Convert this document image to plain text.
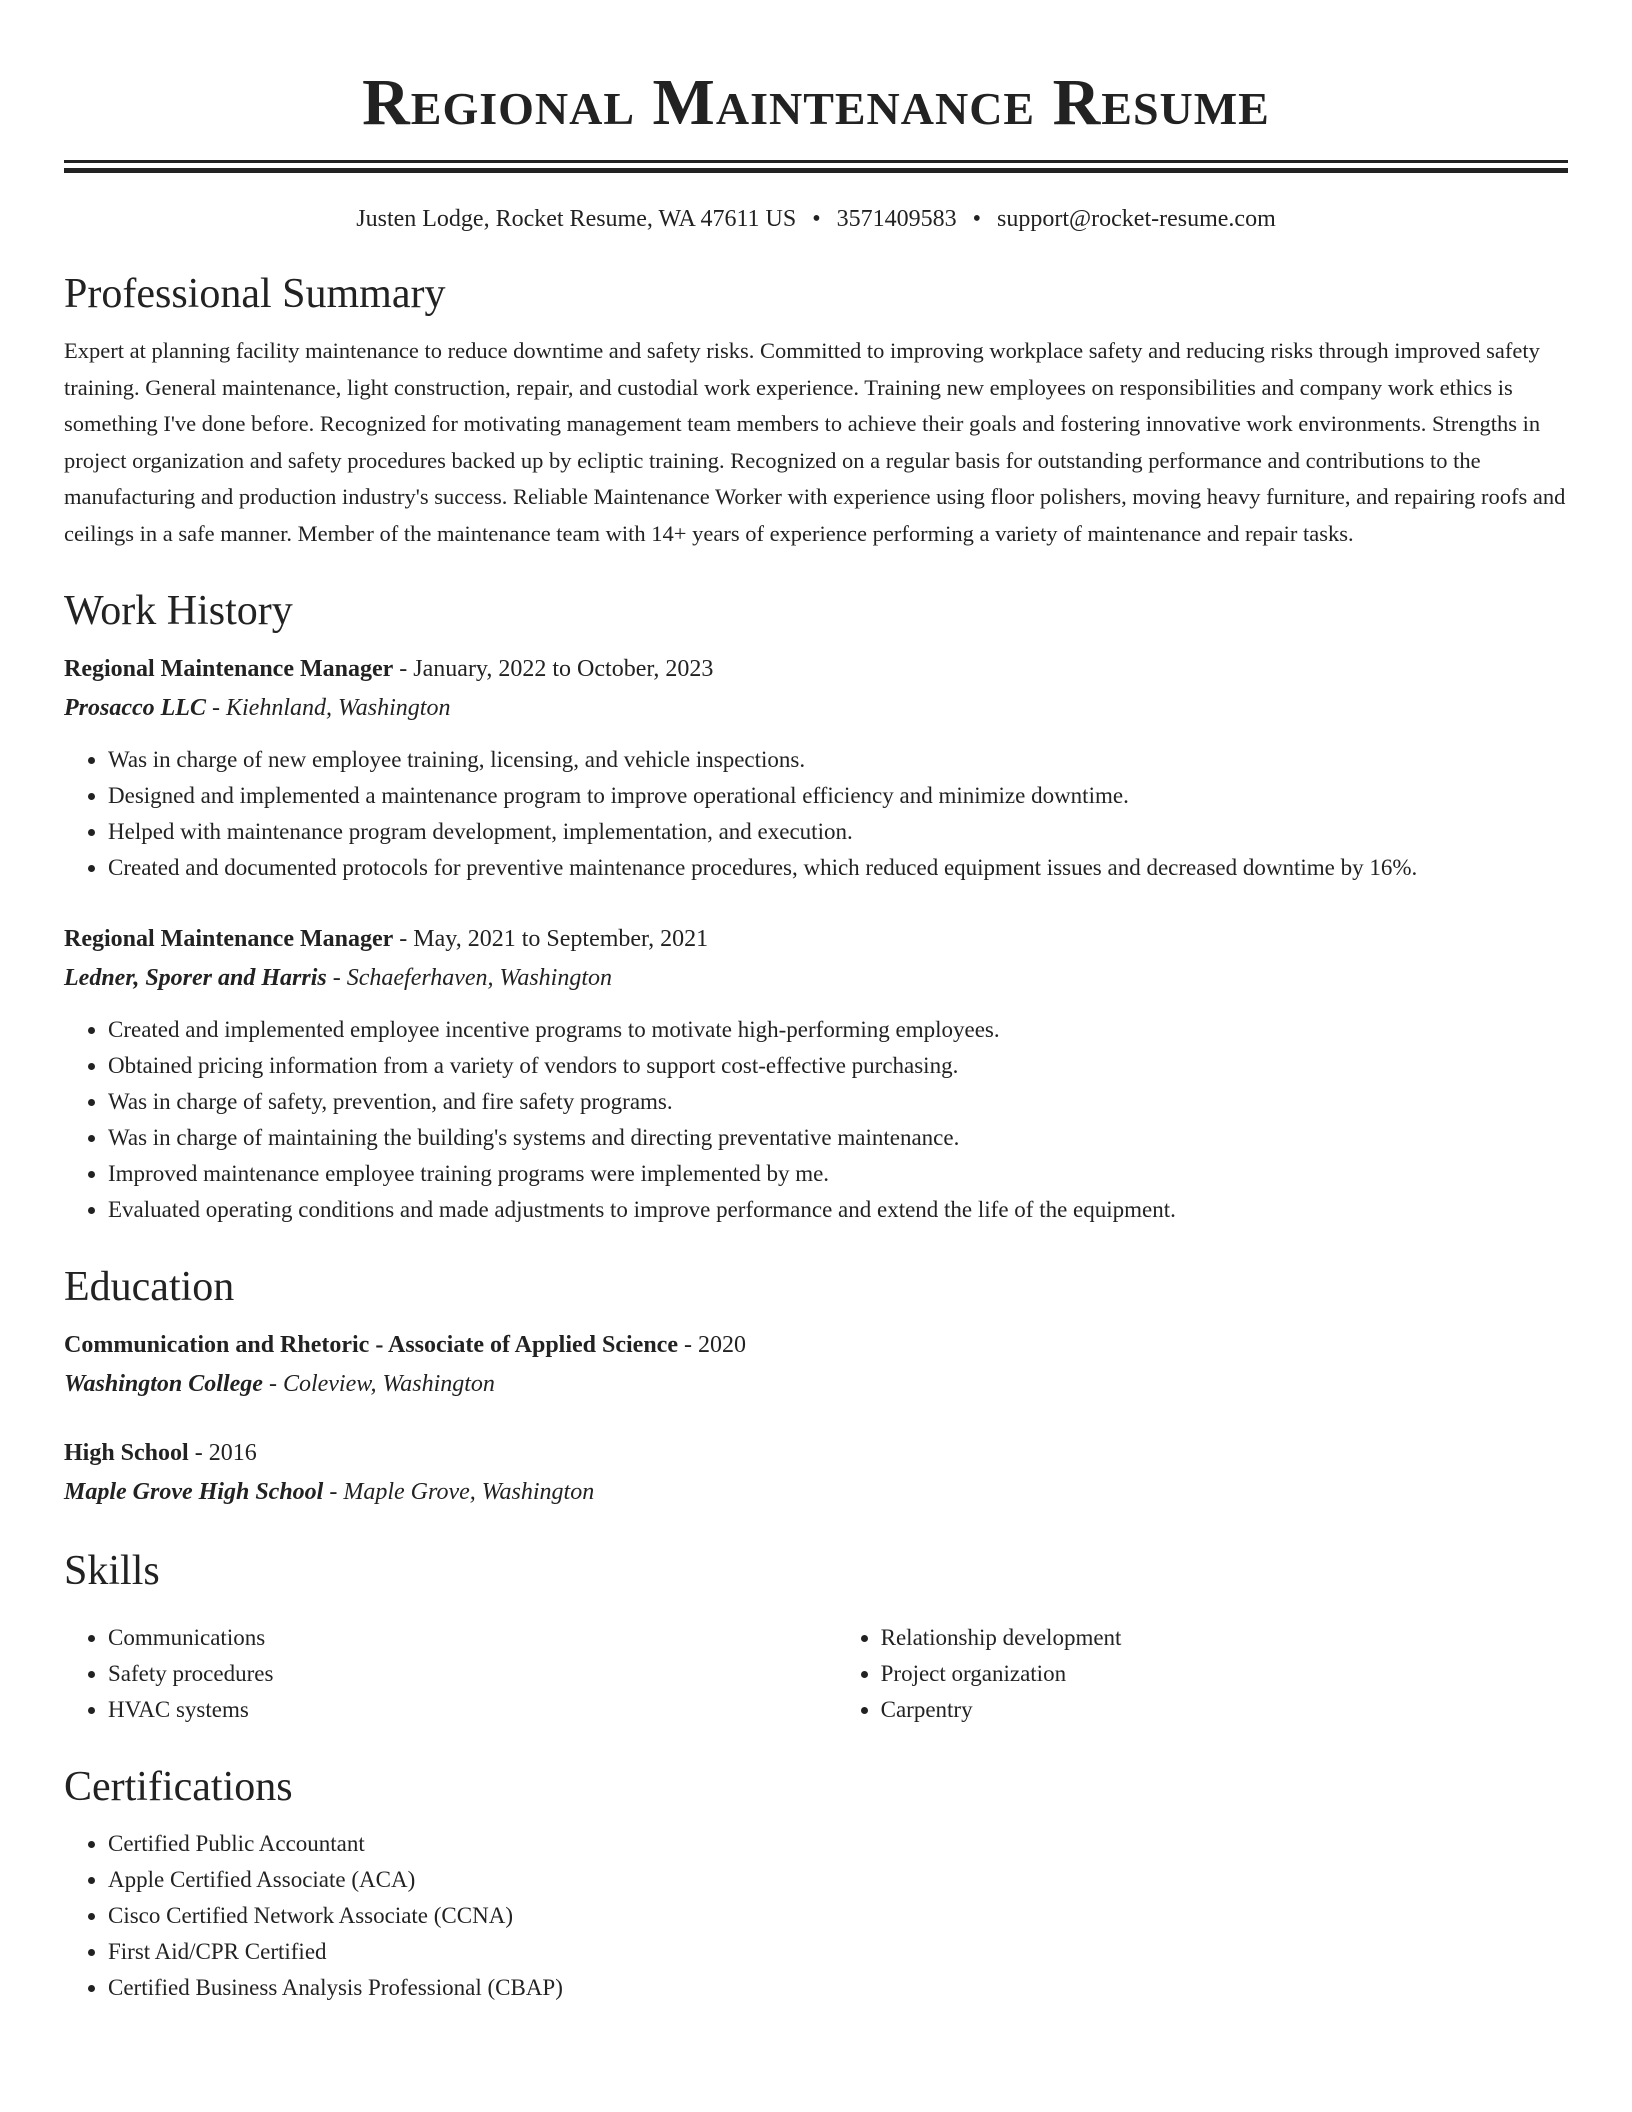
Regional Maintenance Resume
Justen Lodge, Rocket Resume, WA 47611 US • 3571409583 • support@rocket-resume.com
Professional Summary

Expert at planning facility maintenance to reduce downtime and safety risks. Committed to improving workplace safety and reducing risks through improved safety training. General maintenance, light construction, repair, and custodial work experience. Training new employees on responsibilities and company work ethics is something I've done before. Recognized for motivating management team members to achieve their goals and fostering innovative work environments. Strengths in project organization and safety procedures backed up by ecliptic training. Recognized on a regular basis for outstanding performance and contributions to the manufacturing and production industry's success. Reliable Maintenance Worker with experience using floor polishers, moving heavy furniture, and repairing roofs and ceilings in a safe manner. Member of the maintenance team with 14+ years of experience performing a variety of maintenance and repair tasks.

Work History
Regional Maintenance Manager - January, 2022 to October, 2023
Prosacco LLC - Kiehnland, Washington
• Was in charge of new employee training, licensing, and vehicle inspections.
• Designed and implemented a maintenance program to improve operational efficiency and minimize downtime.
• Helped with maintenance program development, implementation, and execution.
• Created and documented protocols for preventive maintenance procedures, which reduced equipment issues and decreased downtime by 16%.
Regional Maintenance Manager - May, 2021 to September, 2021
Ledner, Sporer and Harris - Schaeferhaven, Washington
• Created and implemented employee incentive programs to motivate high-performing employees.
• Obtained pricing information from a variety of vendors to support cost-effective purchasing.
• Was in charge of safety, prevention, and fire safety programs.
• Was in charge of maintaining the building's systems and directing preventative maintenance.
• Improved maintenance employee training programs were implemented by me.
• Evaluated operating conditions and made adjustments to improve performance and extend the life of the equipment.
Education
Communication and Rhetoric - Associate of Applied Science - 2020
Washington College - Coleview, Washington
High School - 2016
Maple Grove High School - Maple Grove, Washington
Skills
• Communications
• Safety procedures
• HVAC systems
• Relationship development
• Project organization
• Carpentry
Certifications
• Certified Public Accountant
• Apple Certified Associate (ACA)
• Cisco Certified Network Associate (CCNA)
• First Aid/CPR Certified
• Certified Business Analysis Professional (CBAP)
